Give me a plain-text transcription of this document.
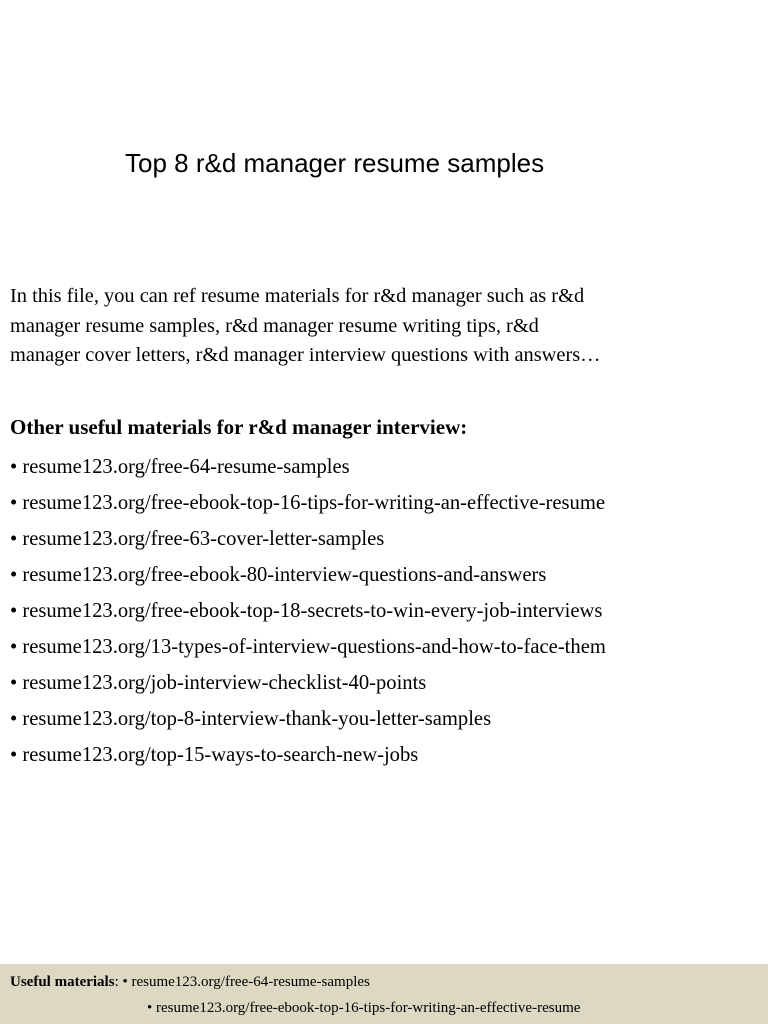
Top 8 r&d manager resume samples
In this file, you can ref resume materials for r&d manager such as r&d
manager resume samples, r&d manager resume writing tips, r&d
manager cover letters, r&d manager interview questions with answers…
Other useful materials for r&d manager interview:
• resume123.org/free-64-resume-samples
• resume123.org/free-ebook-top-16-tips-for-writing-an-effective-resume
• resume123.org/free-63-cover-letter-samples
• resume123.org/free-ebook-80-interview-questions-and-answers
• resume123.org/free-ebook-top-18-secrets-to-win-every-job-interviews
• resume123.org/13-types-of-interview-questions-and-how-to-face-them
• resume123.org/job-interview-checklist-40-points
• resume123.org/top-8-interview-thank-you-letter-samples
• resume123.org/top-15-ways-to-search-new-jobs
Useful materials: • resume123.org/free-64-resume-samples
• resume123.org/free-ebook-top-16-tips-for-writing-an-effective-resume
